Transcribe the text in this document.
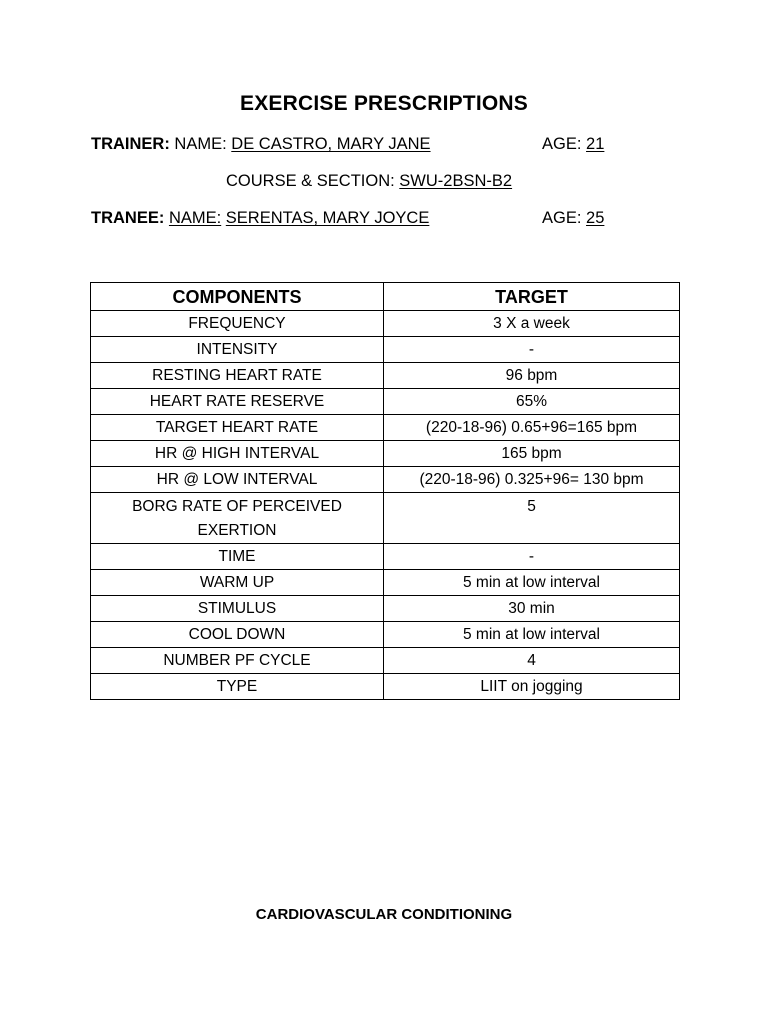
EXERCISE PRESCRIPTIONS
TRAINER: NAME: DE CASTRO, MARY JANE	AGE: 21
COURSE & SECTION: SWU-2BSN-B2
TRANEE: NAME: SERENTAS, MARY JOYCE	AGE: 25
COMPONENTS	TARGET
FREQUENCY	3 X a week
INTENSITY	-
RESTING HEART RATE	96 bpm
HEART RATE RESERVE	65%
TARGET HEART RATE	(220-18-96) 0.65+96=165 bpm
HR @ HIGH INTERVAL	165 bpm
HR @ LOW INTERVAL	(220-18-96) 0.325+96= 130 bpm
BORG RATE OF PERCEIVED EXERTION	5
TIME	-
WARM UP	5 min at low interval
STIMULUS	30 min
COOL DOWN	5 min at low interval
NUMBER PF CYCLE	4
TYPE	LIIT on jogging
CARDIOVASCULAR CONDITIONING
